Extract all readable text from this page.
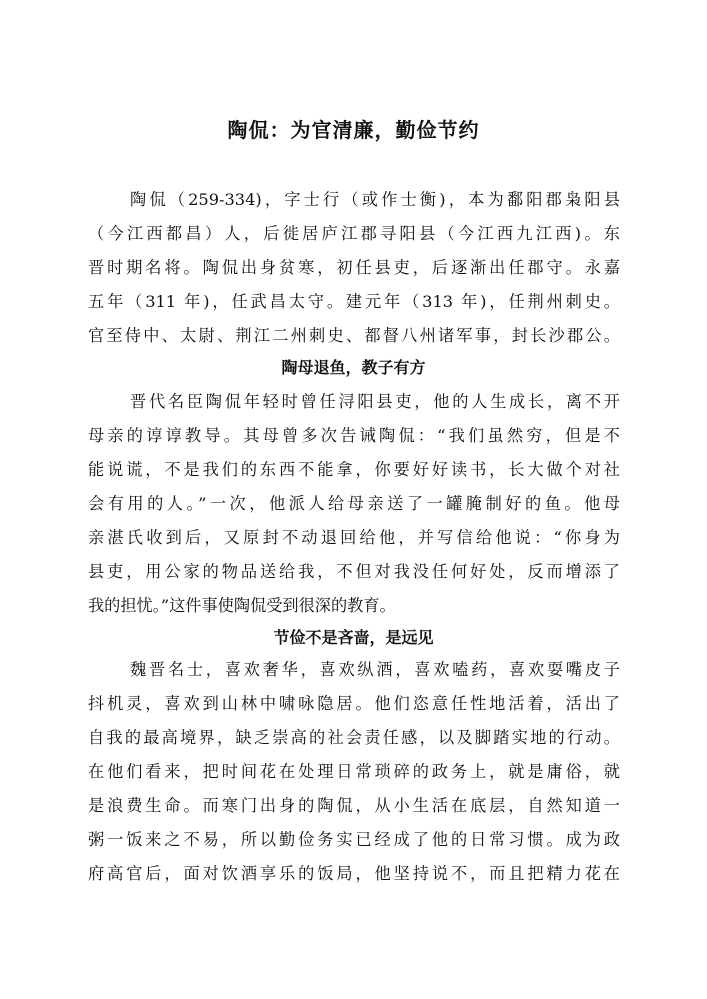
陶侃：为官清廉，勤俭节约

陶侃（259-334)，字士行（或作士衡)，本为鄱阳郡枭阳县

（今江西都昌）人，后徙居庐江郡寻阳县（今江西九江西)。东

晋时期名将。陶侃出身贫寒，初任县吏，后逐渐出任郡守。永嘉

五年（311 年)，任武昌太守。建元年（313 年)，任荆州刺史。

官至侍中、太尉、荆江二州刺史、都督八州诸军事，封长沙郡公。

陶母退鱼，教子有方

晋代名臣陶侃年轻时曾任浔阳县吏，他的人生成长，离不开

母亲的谆谆教导。其母曾多次告诫陶侃：“我们虽然穷，但是不

能说谎，不是我们的东西不能拿，你要好好读书，长大做个对社

会有用的人。”一次，他派人给母亲送了一罐腌制好的鱼。他母

亲湛氏收到后，又原封不动退回给他，并写信给他说：“你身为

县吏，用公家的物品送给我，不但对我没任何好处，反而增添了

我的担忧。”这件事使陶侃受到很深的教育。

节俭不是吝啬，是远见

魏晋名士，喜欢奢华，喜欢纵酒，喜欢嗑药，喜欢耍嘴皮子

抖机灵，喜欢到山林中啸咏隐居。他们恣意任性地活着，活出了

自我的最高境界，缺乏崇高的社会责任感，以及脚踏实地的行动。

在他们看来，把时间花在处理日常琐碎的政务上，就是庸俗，就

是浪费生命。而寒门出身的陶侃，从小生活在底层，自然知道一

粥一饭来之不易，所以勤俭务实已经成了他的日常习惯。成为政

府高官后，面对饮酒享乐的饭局，他坚持说不，而且把精力花在
